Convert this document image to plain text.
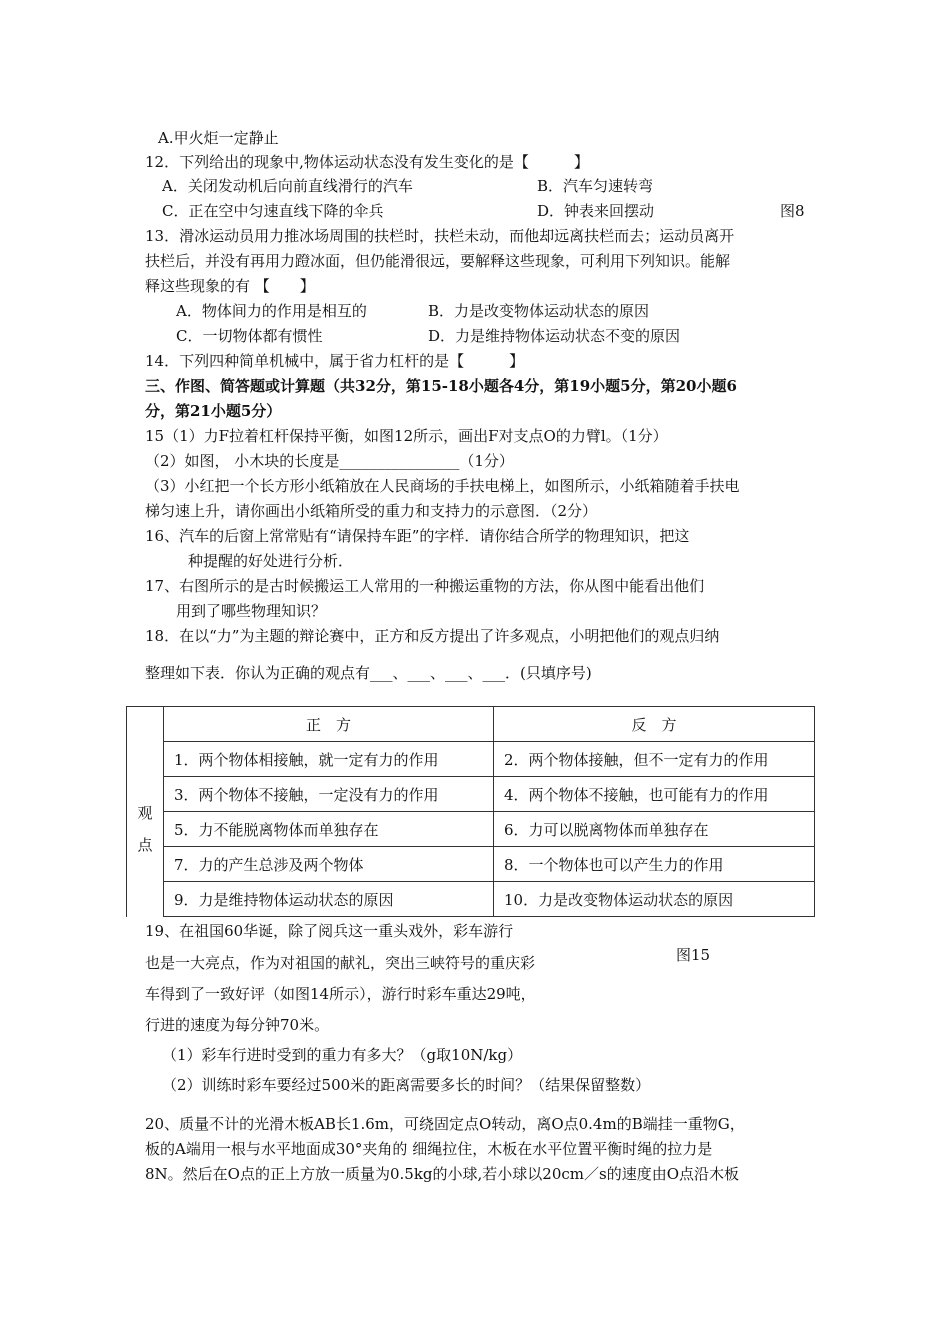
A.甲火炬一定静止
12．下列给出的现象中,物体运动状态没有发生变化的是【　　　】
A．关闭发动机后向前直线滑行的汽车	B．汽车匀速转弯
C．正在空中匀速直线下降的伞兵	D．钟表来回摆动	图8
13．滑冰运动员用力推冰场周围的扶栏时，扶栏未动，而他却远离扶栏而去；运动员离开
扶栏后，并没有再用力蹬冰面，但仍能滑很远，要解释这些现象，可利用下列知识。能解
释这些现象的有 【　　】
A．物体间力的作用是相互的	B．力是改变物体运动状态的原因
C．一切物体都有惯性	D．力是维持物体运动状态不变的原因
14．下列四种简单机械中，属于省力杠杆的是【　　　】
三、作图、简答题或计算题（共32分，第15-18小题各4分，第19小题5分，第20小题6
分，第21小题5分）
15（1）力F拉着杠杆保持平衡，如图12所示，画出F对支点O的力臂l。（1分）
（2）如图， 小木块的长度是________________（1分）
（3）小红把一个长方形小纸箱放在人民商场的手扶电梯上，如图所示，小纸箱随着手扶电
梯匀速上升，请你画出小纸箱所受的重力和支持力的示意图．（2分）
16、汽车的后窗上常常贴有“请保持车距”的字样．请你结合所学的物理知识，把这
种提醒的好处进行分析．
17、右图所示的是古时候搬运工人常用的一种搬运重物的方法，你从图中能看出他们
用到了哪些物理知识？
18．在以“力”为主题的辩论赛中，正方和反方提出了许多观点，小明把他们的观点归纳
整理如下表．你认为正确的观点有___、___、___、___．(只填序号)
	正　方	反　方
观
点	1．两个物体相接触，就一定有力的作用	2．两个物体接触，但不一定有力的作用
	3．两个物体不接触，一定没有力的作用	4．两个物体不接触，也可能有力的作用
	5．力不能脱离物体而单独存在	6．力可以脱离物体而单独存在
	7．力的产生总涉及两个物体	8．一个物体也可以产生力的作用
	9．力是维持物体运动状态的原因	10．力是改变物体运动状态的原因
19、在祖国60华诞，除了阅兵这一重头戏外，彩车游行
也是一大亮点，作为对祖国的献礼，突出三峡符号的重庆彩	图15
车得到了一致好评（如图14所示），游行时彩车重达29吨，
行进的速度为每分钟70米。
（1）彩车行进时受到的重力有多大？（g取10N/kg）
（2）训练时彩车要经过500米的距离需要多长的时间？（结果保留整数）
20、质量不计的光滑木板AB长1.6m，可绕固定点O转动，离O点0.4m的B端挂一重物G，
板的A端用一根与水平地面成30°夹角的 细绳拉住，木板在水平位置平衡时绳的拉力是
8N。然后在O点的正上方放一质量为0.5kg的小球,若小球以20cm／s的速度由O点沿木板
